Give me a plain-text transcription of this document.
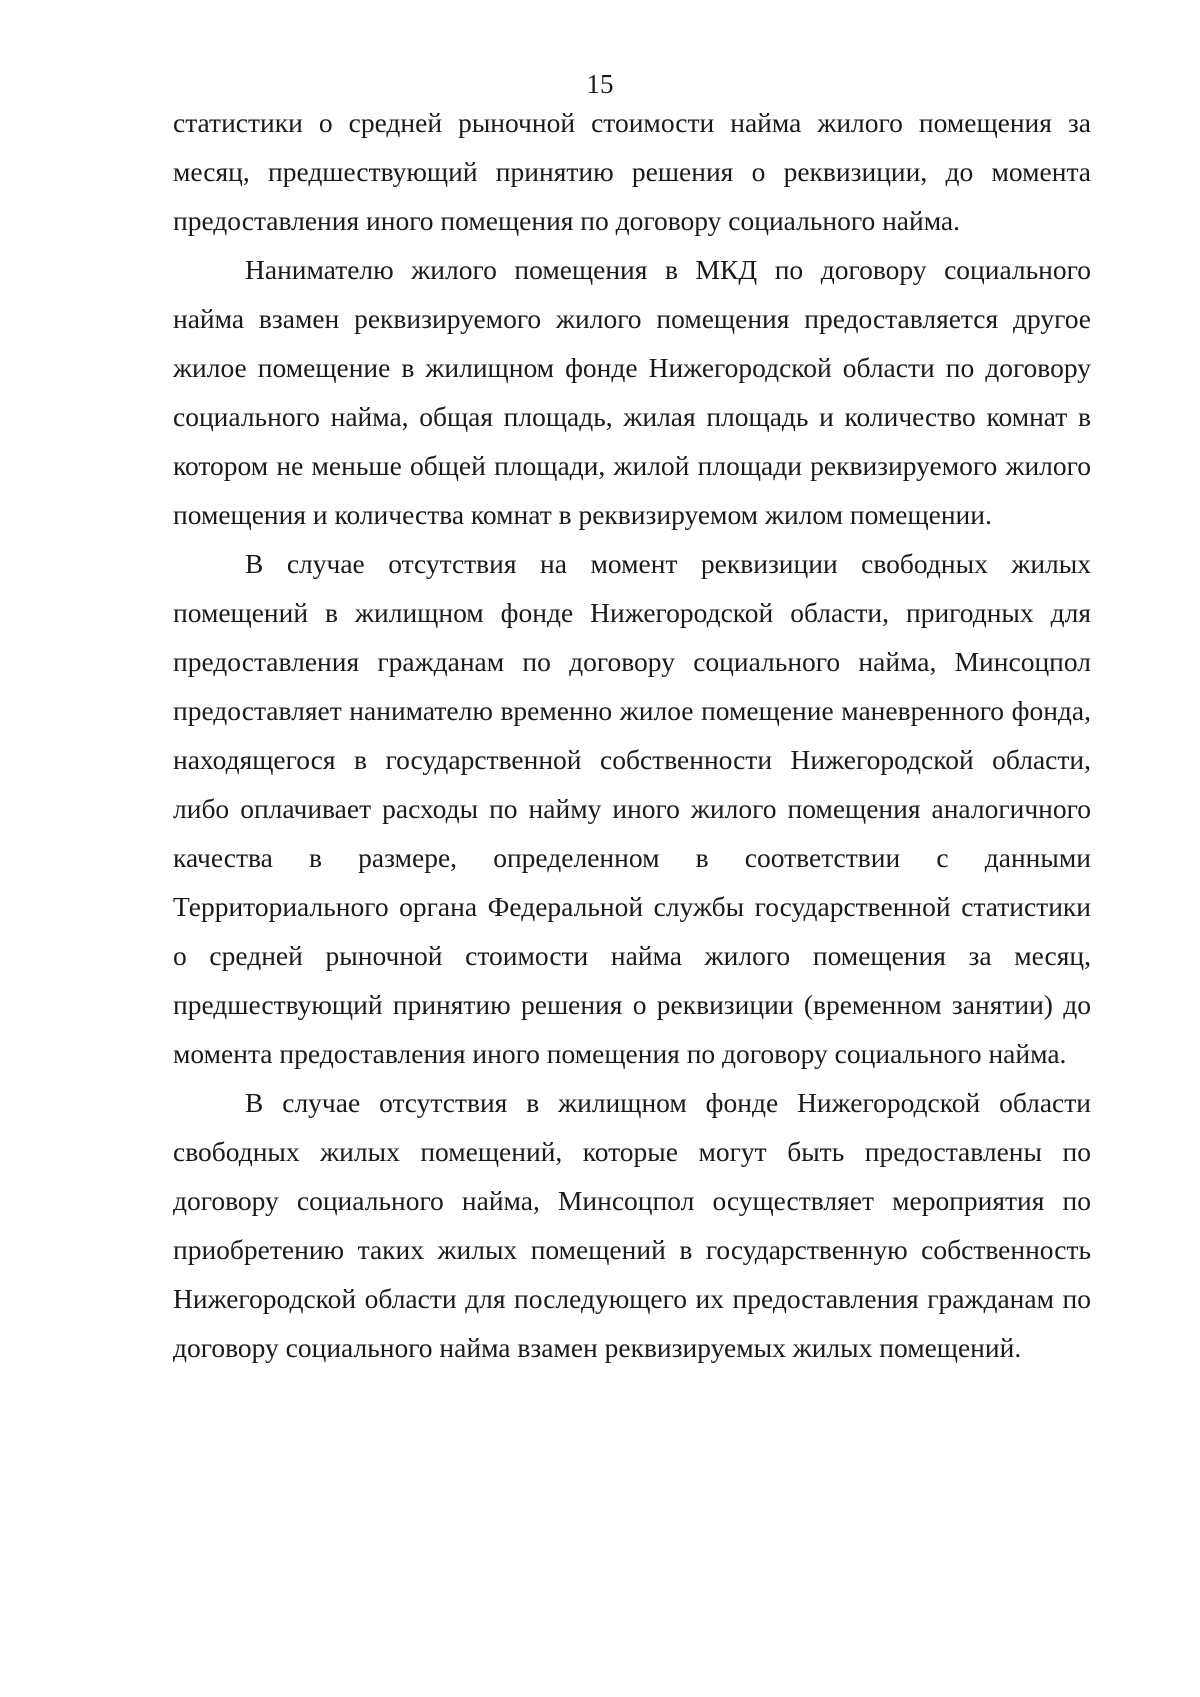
15

статистики о средней рыночной стоимости найма жилого помещения за месяц, предшествующий принятию решения о реквизиции, до момента предоставления иного помещения по договору социального найма.

Нанимателю жилого помещения в МКД по договору социального найма взамен реквизируемого жилого помещения предоставляется другое жилое помещение в жилищном фонде Нижегородской области по договору социального найма, общая площадь, жилая площадь и количество комнат в котором не меньше общей площади, жилой площади реквизируемого жилого помещения и количества комнат в реквизируемом жилом помещении.

В случае отсутствия на момент реквизиции свободных жилых помещений в жилищном фонде Нижегородской области, пригодных для предоставления гражданам по договору социального найма, Минсоцпол предоставляет нанимателю временно жилое помещение маневренного фонда, находящегося в государственной собственности Нижегородской области, либо оплачивает расходы по найму иного жилого помещения аналогичного качества в размере, определенном в соответствии с данными Территориального органа Федеральной службы государственной статистики о средней рыночной стоимости найма жилого помещения за месяц, предшествующий принятию решения о реквизиции (временном занятии) до момента предоставления иного помещения по договору социального найма.

В случае отсутствия в жилищном фонде Нижегородской области свободных жилых помещений, которые могут быть предоставлены по договору социального найма, Минсоцпол осуществляет мероприятия по приобретению таких жилых помещений в государственную собственность Нижегородской области для последующего их предоставления гражданам по договору социального найма взамен реквизируемых жилых помещений.
